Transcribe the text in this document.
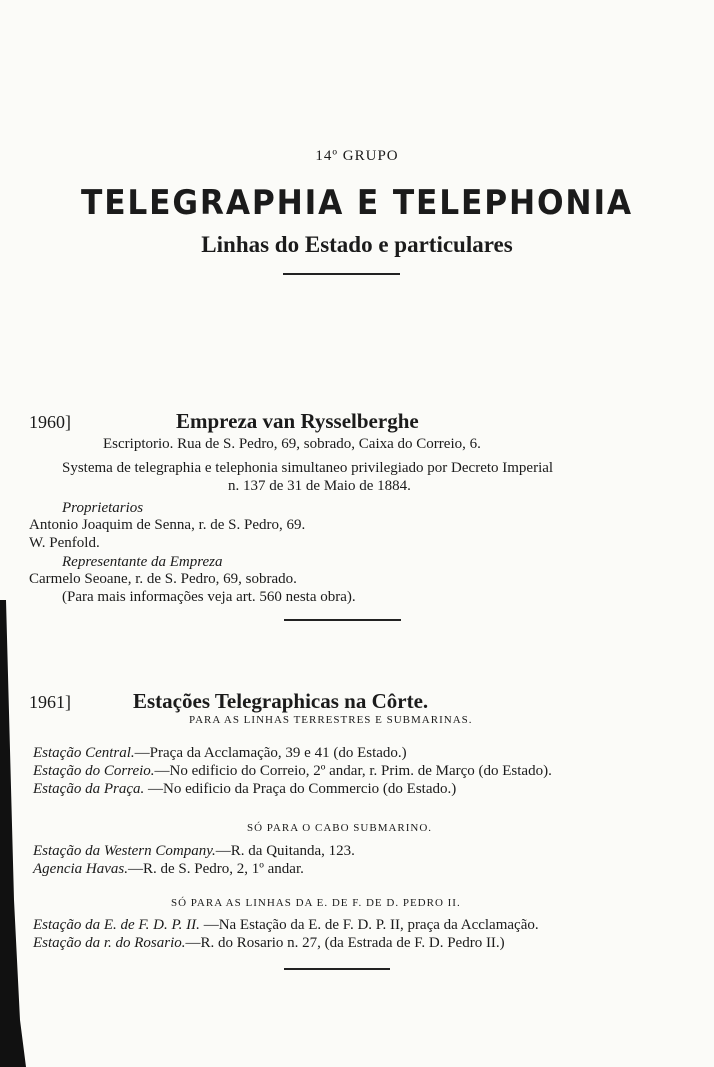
14º GRUPO
TELEGRAPHIA E TELEPHONIA
Linhas do Estado e particulares
1960]	Empreza van Rysselberghe
Escriptorio. Rua de S. Pedro, 69, sobrado, Caixa do Correio, 6.
Systema de telegraphia e telephonia simultaneo privilegiado por Decreto Imperial
n. 137 de 31 de Maio de 1884.
Proprietarios
Antonio Joaquim de Senna, r. de S. Pedro, 69.
W. Penfold.
Representante da Empreza
Carmelo Seoane, r. de S. Pedro, 69, sobrado.
(Para mais informações veja art. 560 nesta obra).
1961]	Estações Telegraphicas na Côrte.
PARA AS LINHAS TERRESTRES E SUBMARINAS.
Estação Central.—Praça da Acclamação, 39 e 41 (do Estado.)
Estação do Correio.—No edificio do Correio, 2º andar, r. Prim. de Março (do Estado).
Estação da Praça. —No edificio da Praça do Commercio (do Estado.)
SÓ PARA O CABO SUBMARINO.
Estação da Western Company.—R. da Quitanda, 123.
Agencia Havas.—R. de S. Pedro, 2, 1º andar.
SÓ PARA AS LINHAS DA E. DE F. DE D. PEDRO II.
Estação da E. de F. D. P. II. —Na Estação da E. de F. D. P. II, praça da Acclamação.
Estação da r. do Rosario.—R. do Rosario n. 27, (da Estrada de F. D. Pedro II.)
